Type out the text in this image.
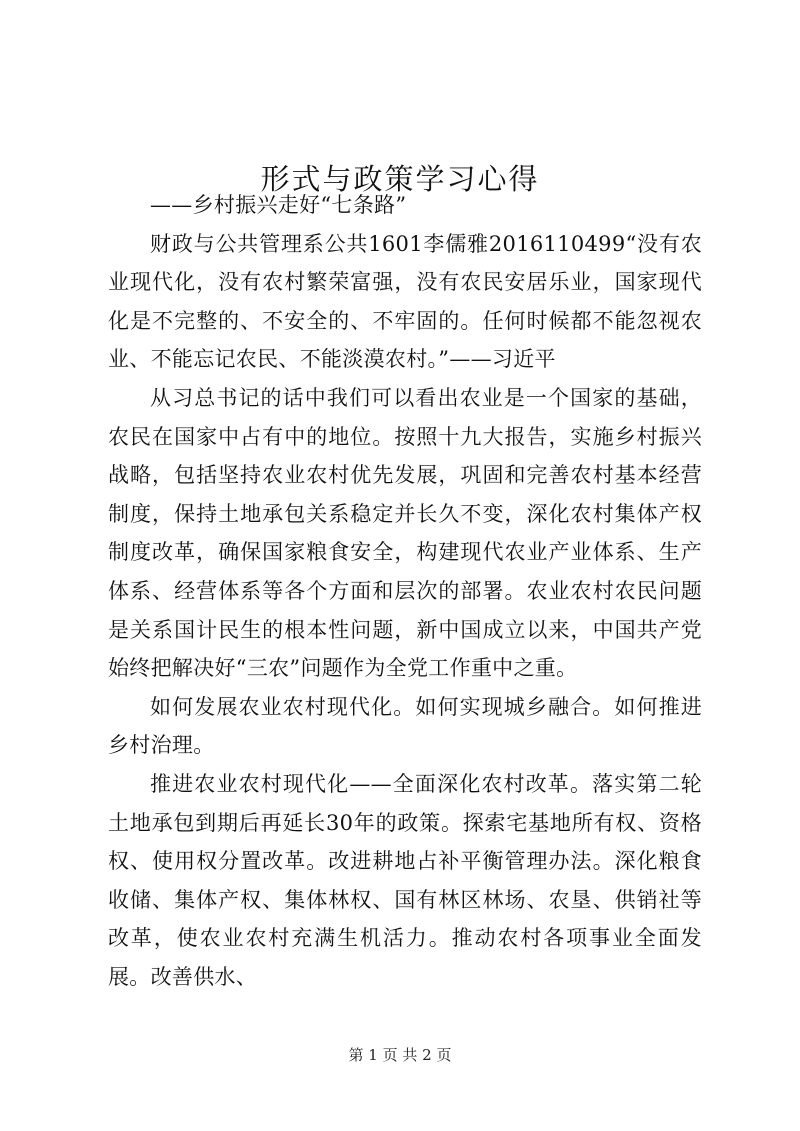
形式与政策学习心得

——乡村振兴走好“七条路”

财政与公共管理系公共1601李儒雅2016110499“没有农业现代化，没有农村繁荣富强，没有农民安居乐业，国家现代化是不完整的、不安全的、不牢固的。任何时候都不能忽视农业、不能忘记农民、不能淡漠农村。”——习近平

从习总书记的话中我们可以看出农业是一个国家的基础，农民在国家中占有中的地位。按照十九大报告，实施乡村振兴战略，包括坚持农业农村优先发展，巩固和完善农村基本经营制度，保持土地承包关系稳定并长久不变，深化农村集体产权制度改革，确保国家粮食安全，构建现代农业产业体系、生产体系、经营体系等各个方面和层次的部署。农业农村农民问题是关系国计民生的根本性问题，新中国成立以来，中国共产党始终把解决好“三农”问题作为全党工作重中之重。

如何发展农业农村现代化。如何实现城乡融合。如何推进乡村治理。

推进农业农村现代化——全面深化农村改革。落实第二轮土地承包到期后再延长30年的政策。探索宅基地所有权、资格权、使用权分置改革。改进耕地占补平衡管理办法。深化粮食收储、集体产权、集体林权、国有林区林场、农垦、供销社等改革，使农业农村充满生机活力。推动农村各项事业全面发展。改善供水、

第 1 页 共 2 页
